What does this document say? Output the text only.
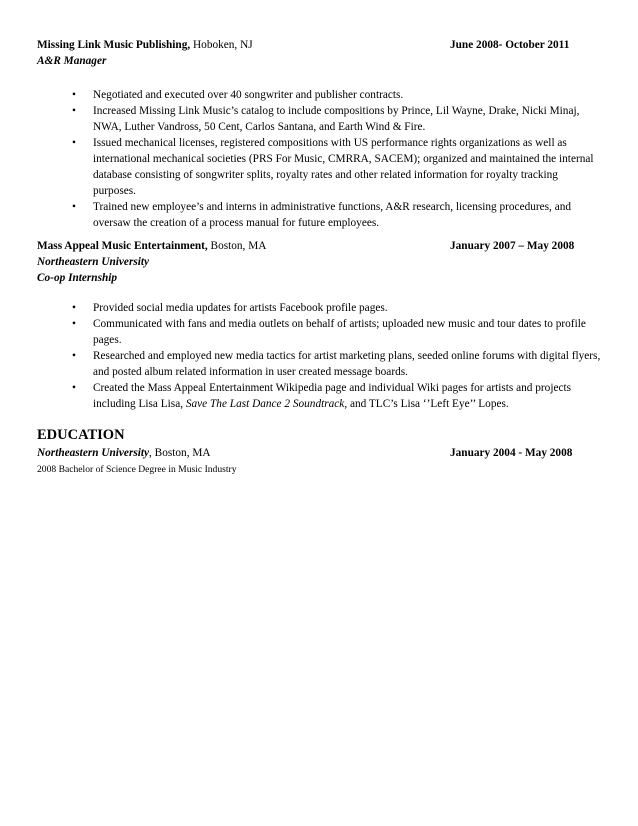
Missing Link Music Publishing, Hoboken, NJ	June 2008- October 2011
A&R Manager
• Negotiated and executed over 40 songwriter and publisher contracts.
• Increased Missing Link Music’s catalog to include compositions by Prince, Lil Wayne, Drake, Nicki Minaj, NWA, Luther Vandross, 50 Cent, Carlos Santana, and Earth Wind & Fire.
• Issued mechanical licenses, registered compositions with US performance rights organizations as well as international mechanical societies (PRS For Music, CMRRA, SACEM); organized and maintained the internal database consisting of songwriter splits, royalty rates and other related information for royalty tracking purposes.
• Trained new employee’s and interns in administrative functions, A&R research, licensing procedures, and oversaw the creation of a process manual for future employees.
Mass Appeal Music Entertainment, Boston, MA	January 2007 – May 2008
Northeastern University
Co-op Internship
• Provided social media updates for artists Facebook profile pages.
• Communicated with fans and media outlets on behalf of artists; uploaded new music and tour dates to profile pages.
• Researched and employed new media tactics for artist marketing plans, seeded online forums with digital flyers, and posted album related information in user created message boards.
• Created the Mass Appeal Entertainment Wikipedia page and individual Wiki pages for artists and projects including Lisa Lisa, Save The Last Dance 2 Soundtrack, and TLC’s Lisa ‘’Left Eye’’ Lopes.
EDUCATION
Northeastern University, Boston, MA	January 2004 - May 2008
2008 Bachelor of Science Degree in Music Industry
